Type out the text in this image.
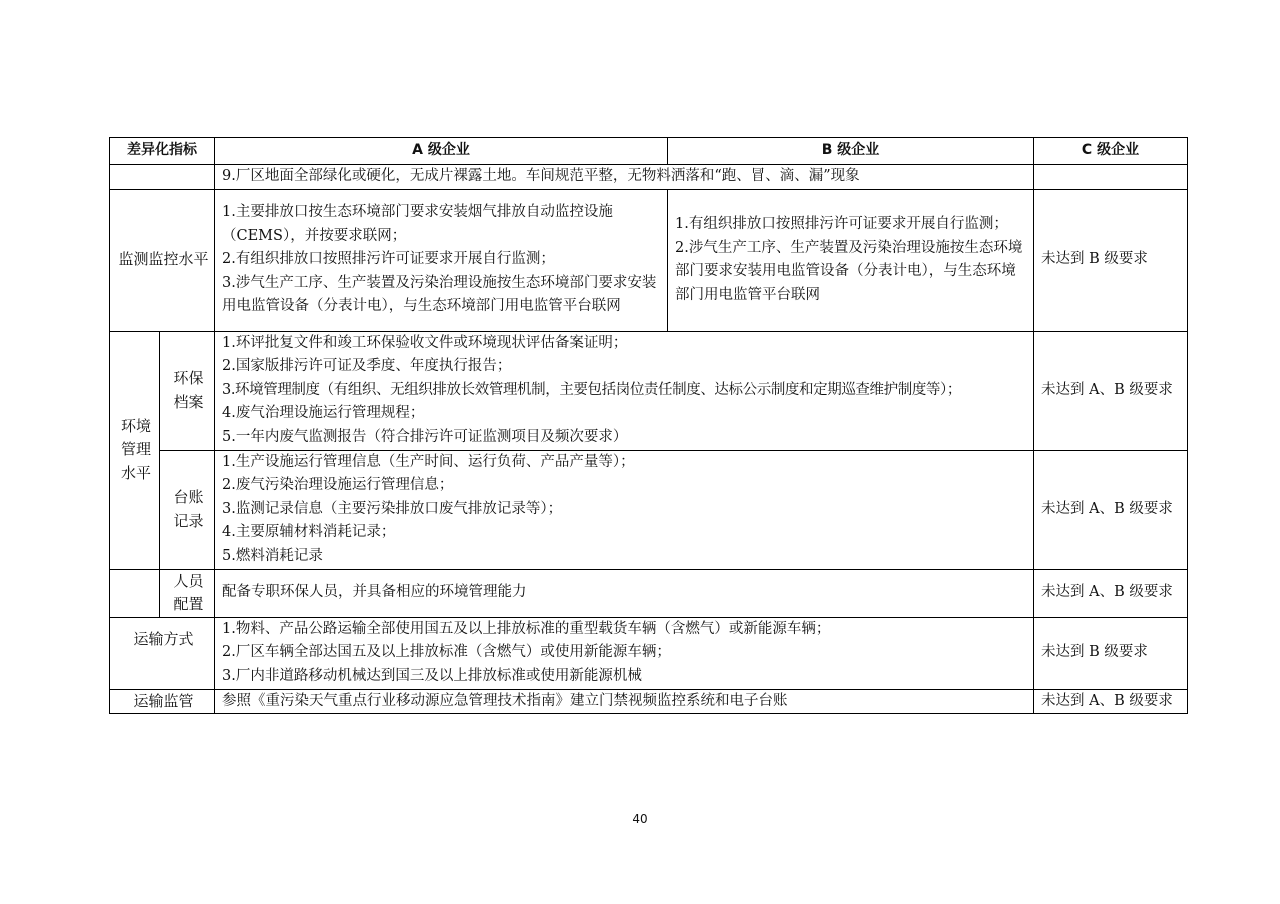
差异化指标		A 级企业	B 级企业	C 级企业
		9.厂区地面全部绿化或硬化，无成片裸露土地。车间规范平整，无物料洒落和“跑、冒、滴、漏”现象		

监测监控水平		1.主要排放口按生态环境部门要求安装烟气排放自动监控设施（CEMS），并按要求联网；
2.有组织排放口按照排污许可证要求开展自行监测；
3.涉气生产工序、生产装置及污染治理设施按生态环境部门要求安装用电监管设备（分表计电），与生态环境部门用电监管平台联网	1.有组织排放口按照排污许可证要求开展自行监测；
2.涉气生产工序、生产装置及污染治理设施按生态环境部门要求安装用电监管设备（分表计电），与生态环境部门用电监管平台联网	未达到 B 级要求

环境管理水平	环保档案	1.环评批复文件和竣工环保验收文件或环境现状评估备案证明；
2.国家版排污许可证及季度、年度执行报告；
3.环境管理制度（有组织、无组织排放长效管理机制，主要包括岗位责任制度、达标公示制度和定期巡查维护制度等）；
4.废气治理设施运行管理规程；
5.一年内废气监测报告（符合排污许可证监测项目及频次要求）		未达到 A、B 级要求

	台账记录	1.生产设施运行管理信息（生产时间、运行负荷、产品产量等）；
2.废气污染治理设施运行管理信息；
3.监测记录信息（主要污染排放口废气排放记录等）；
4.主要原辅材料消耗记录；
5.燃料消耗记录		未达到 A、B 级要求

	人员配置	配备专职环保人员，并具备相应的环境管理能力		未达到 A、B 级要求
运输方式		1.物料、产品公路运输全部使用国五及以上排放标准的重型载货车辆（含燃气）或新能源车辆；
2.厂区车辆全部达国五及以上排放标准（含燃气）或使用新能源车辆；
3.厂内非道路移动机械达到国三及以上排放标准或使用新能源机械		未达到 B 级要求
运输监管		参照《重污染天气重点行业移动源应急管理技术指南》建立门禁视频监控系统和电子台账		未达到 A、B 级要求
40
